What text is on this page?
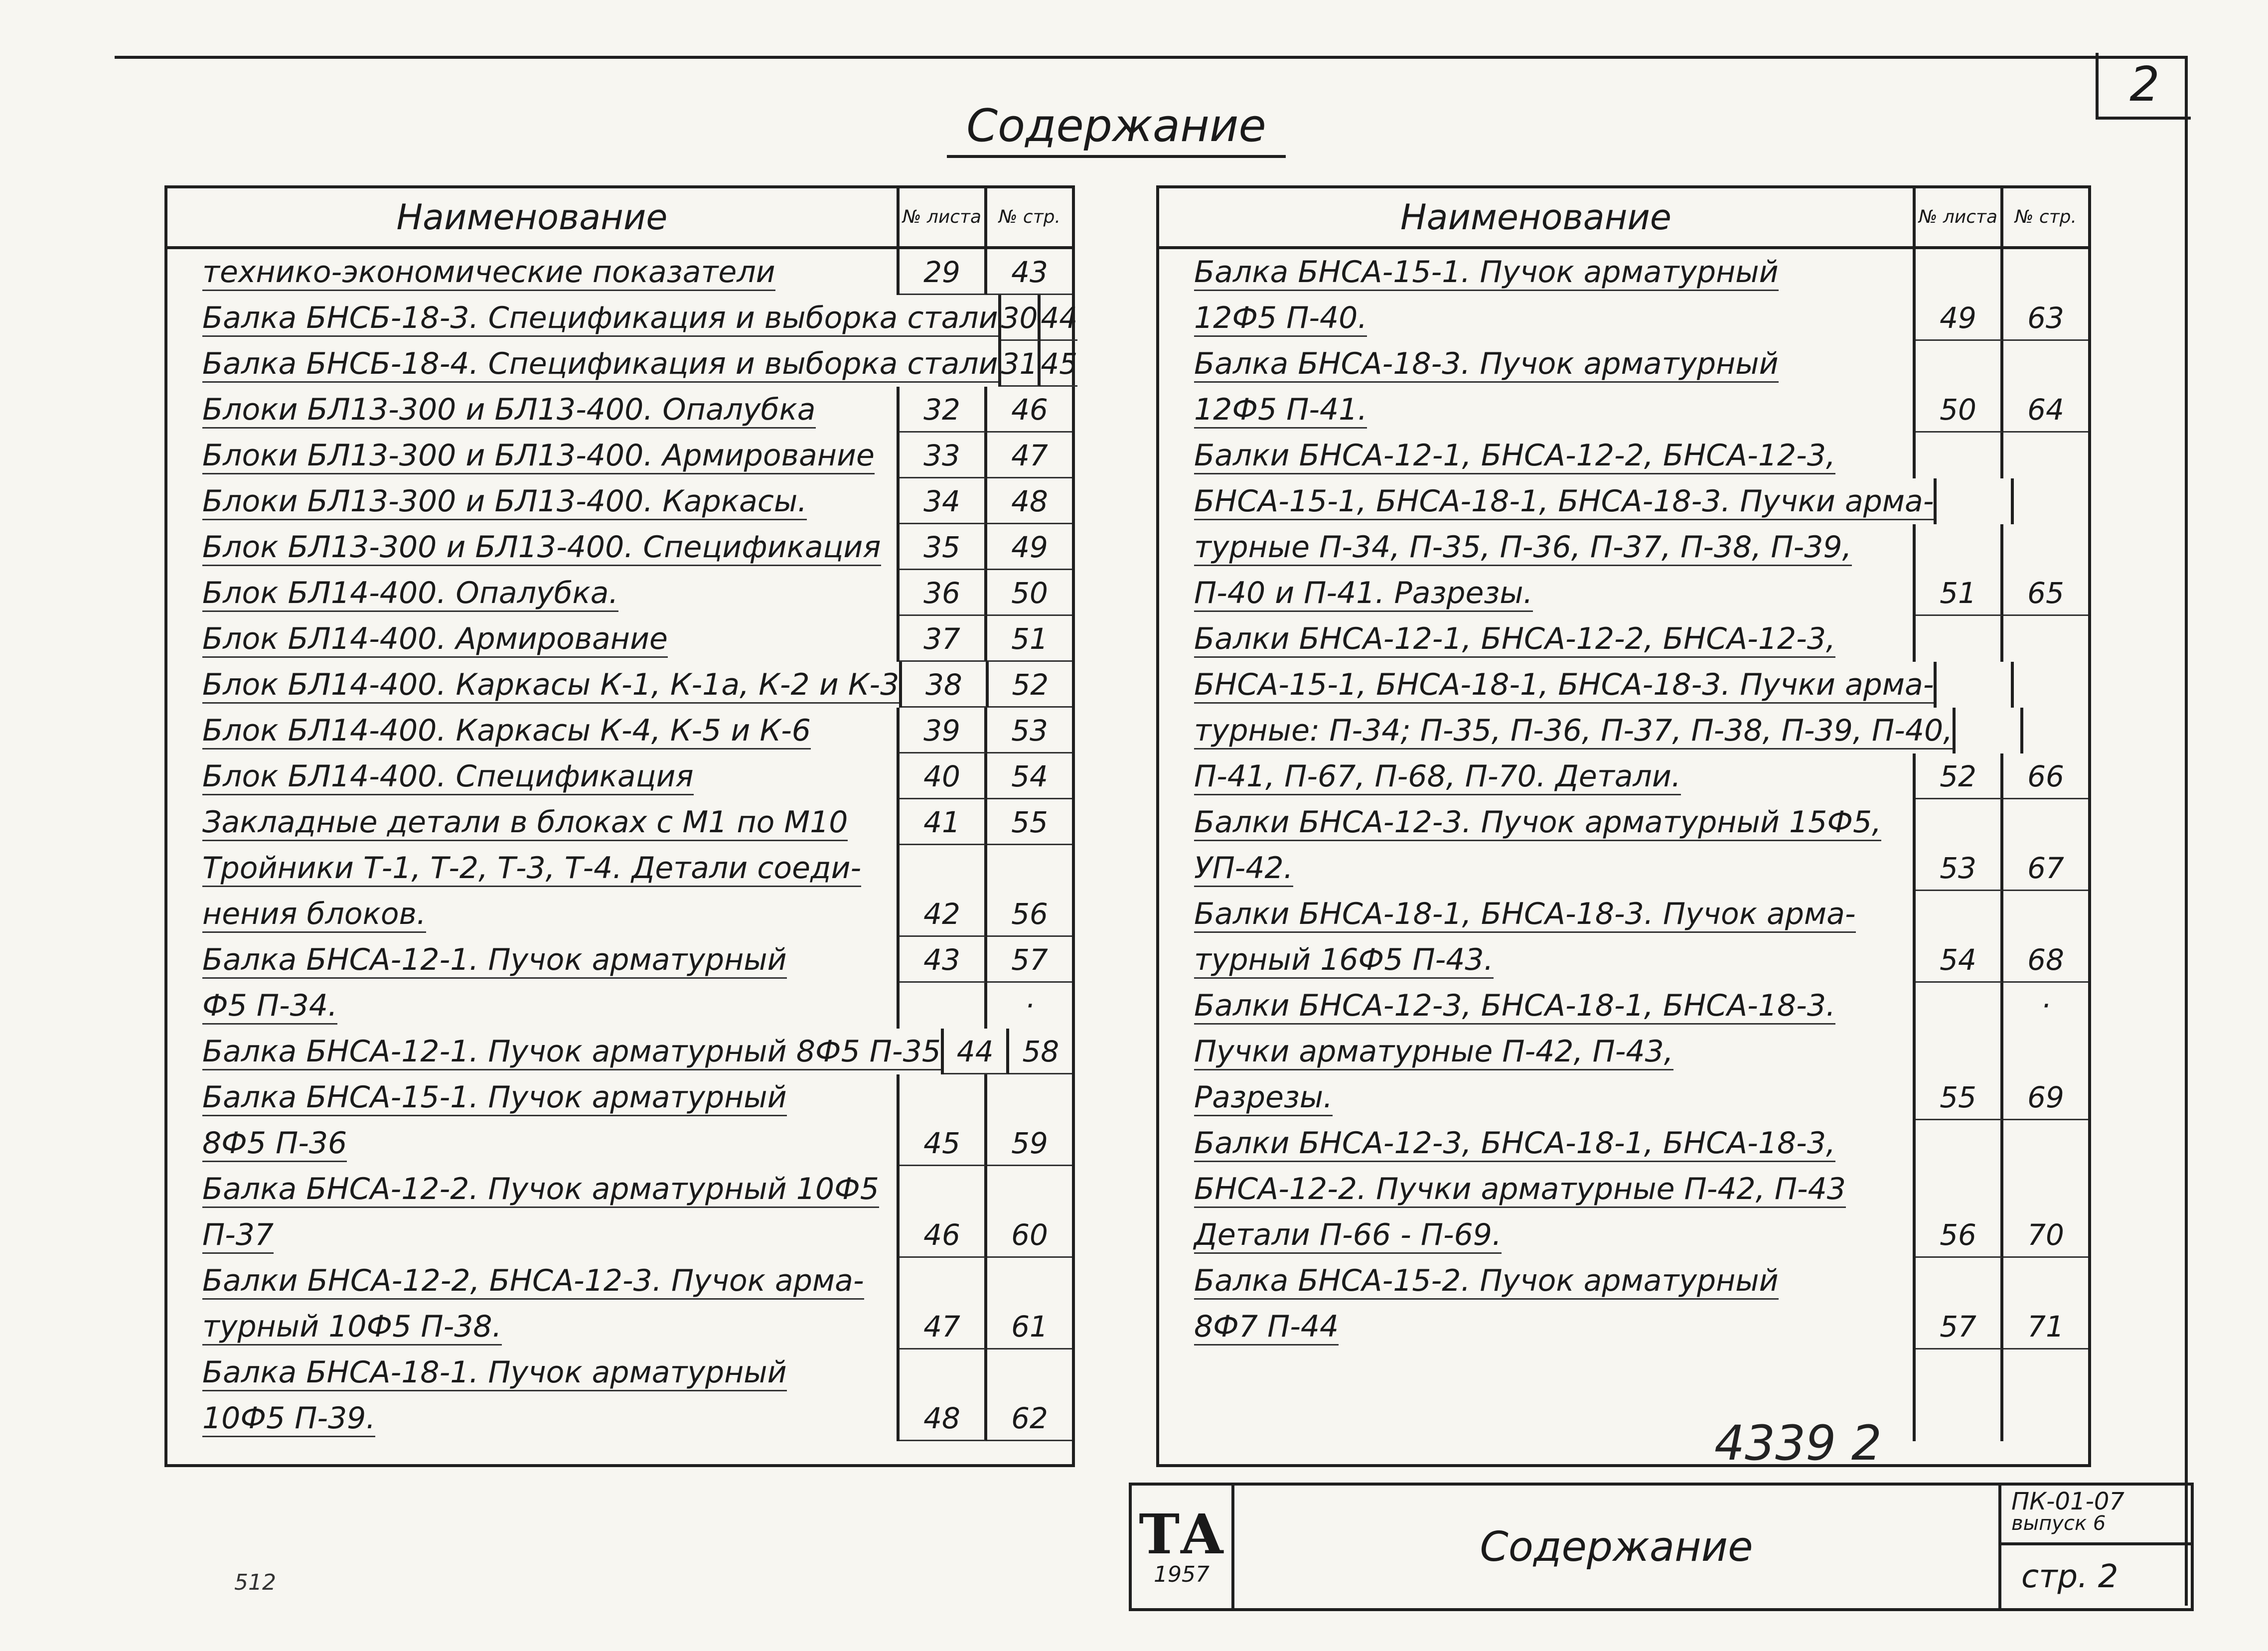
2
Содержание
Наименование	№ листа № стр.
технико-экономические показатели	29	43
Балка БНСБ-18-3. Спецификация и выборка стали 30 44
Балка БНСБ-18-4. Спецификация и выборка стали 31 45
Блоки БЛ13-300 и БЛ13-400. Опалубка	32	46
Блоки БЛ13-300 и БЛ13-400. Армирование	33	47
Блоки БЛ13-300 и БЛ13-400. Каркасы.	34	48
Блок БЛ13-300 и БЛ13-400. Спецификация	35	49
Блок БЛ14-400. Опалубка.	36	50
Блок БЛ14-400. Армирование	37	51
Блок БЛ14-400. Каркасы К-1, К-1а, К-2 и К-3 38	52
Блок БЛ14-400. Каркасы К-4, К-5 и К-6	39	53
Блок БЛ14-400. Спецификация	40	54
Закладные детали в блоках с М1 по М10	41	55
Тройники Т-1, Т-2, Т-3, Т-4. Детали соеди-
нения блоков.	42	56
Балка БНСА-12-1. Пучок арматурный	43	57
Ф5 П-34.	·
Балка БНСА-12-1. Пучок арматурный 8Ф5 П-35 44 58
Балка БНСА-15-1. Пучок арматурный
8Ф5 П-36	45	59
Балка БНСА-12-2. Пучок арматурный 10Ф5
П-37	46	60
Балки БНСА-12-2, БНСА-12-3. Пучок арма-
турный 10Ф5 П-38.	47	61
Балка БНСА-18-1. Пучок арматурный
10Ф5 П-39.	48	62
Наименование	№ листа № стр.
Балка БНСА-15-1. Пучок арматурный
12Ф5 П-40.	49	63
Балка БНСА-18-3. Пучок арматурный
12Ф5 П-41.	50	64
Балки БНСА-12-1, БНСА-12-2, БНСА-12-3,
БНСА-15-1, БНСА-18-1, БНСА-18-3. Пучки арма-
турные П-34, П-35, П-36, П-37, П-38, П-39,
П-40 и П-41. Разрезы.	51	65
Балки БНСА-12-1, БНСА-12-2, БНСА-12-3,
БНСА-15-1, БНСА-18-1, БНСА-18-3. Пучки арма-
турные: П-34; П-35, П-36, П-37, П-38, П-39, П-40,
П-41, П-67, П-68, П-70. Детали.	52	66
Балки БНСА-12-3. Пучок арматурный 15Ф5,
УП-42.	53	67
Балки БНСА-18-1, БНСА-18-3. Пучок арма-
турный 16Ф5 П-43.	54	68
Балки БНСА-12-3, БНСА-18-1, БНСА-18-3.	·
Пучки арматурные П-42, П-43,
Разрезы.	55	69
Балки БНСА-12-3, БНСА-18-1, БНСА-18-3,
БНСА-12-2. Пучки арматурные П-42, П-43
Детали П-66 - П-69.	56	70
Балка БНСА-15-2. Пучок арматурный
8Ф7 П-44	57	71
4339 2
ТА
1957
Содержание
ПК-01-07
выпуск 6
стр. 2
512
